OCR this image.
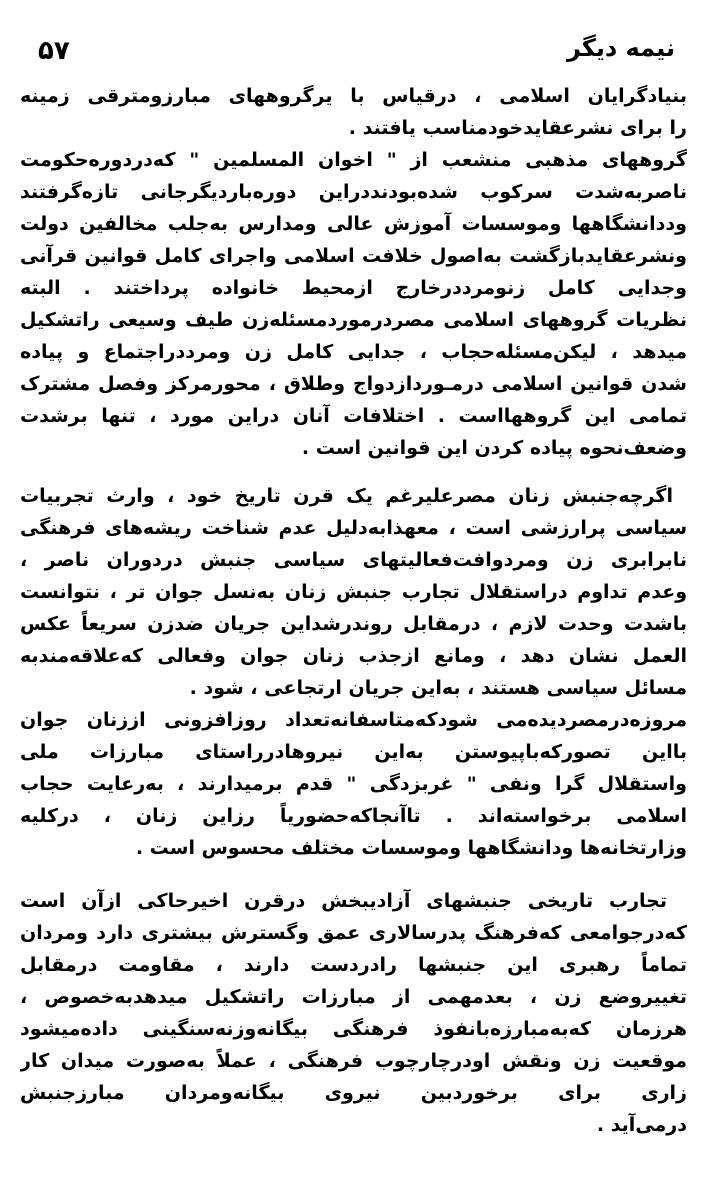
۵۷	نیمه دیگر
بنیادگرایان اسلامی ، درقیاس با یرگروههای مبارزومترقی زمینه
را برای نشرعقایدخودمناسب یافتند .
گروههای مذهبی منشعب از " اخوان المسلمین " کەدردورەحکومت
ناصربەشدت سرکوب شدەبودنددراین دورەباردیگرجانی تازەگرفتند
وددانشگاهها وموسسات آموزش عالی ومدارس بەجلب مخالفین دولت
ونشرعقایدبازگشت بەاصول خلافت اسلامی واجرای کامل قوانین قرآنی
وجدایی کامل زنومرددرخارج ازمحیط خانوادە پرداختند . البتە
نظریات گروههای اسلامی مصردرموردمسئلەزن طیف وسیعی راتشکیل
میدهد ، لیکن‌مسئلەحجاب ، جدایی کامل زن ومرددراجتماع و پیادە
شدن قوانین اسلامی درمـوردازدواج وطلاق ، محورمرکز وفصل مشترک
تمامی این گروههااست . اختلافات آنان دراین مورد ، تنها برشدت
وضعف‌نحوە پیادە کردن این قوانین است .
اگرچەجنبش زنان مصرعلیرغم یک قرن تاریخ خود ، وارث تجربیات
سیاسی پرارزشی است ، معهذابەدلیل عدم شناخت ریشەهای فرهنگی
نابرابری زن ومردوافت‌فعالیتهای سیاسی جنبش دردوران ناصر ،
وعدم تداوم دراستقلال تجارب جنبش زنان بەنسل جوان تر ، نتوانست
باشدت وحدت لازم ، درمقابل روندرشداین جریان ضدزن سریعاً عکس
العمل نشان دهد ، ومانع ازجذب زنان جوان وفعالی کەعلاقەمندبە
مسائل سیاسی هستند ، بەاین جریان ارتجاعی ، شود .
مروزەدرمصردیدەمی شودکەمتاسفانەتعداد روزافزونی اززنان جوان
بااین تصورکەباپیوستن بەاین نیروهادرراستای مبارزات ملی
واستقلال گرا ونفی " غربزدگی " قدم برمیدارند ، بەرعایت حجاب
اسلامی برخواستەاند . تاآنجاکەحضوریاً رزاین زنان ، درکلیە
وزارتخانەها ودانشگاهها وموسسات مختلف محسوس است .
تجارب تاریخی جنبشهای آزادیبخش درقرن اخیرحاکی ازآن است
کەدرجوامعی کەفرهنگ پدرسالاری عمق وگسترش بیشتری دارد ومردان
تماماً رهبری این جنبشها رادردست دارند ، مقاومت درمقابل
تغییروضع زن ، بعدمهمی از مبارزات راتشکیل میدهدبەخصوص ،
هرزمان کەبەمبارزەبانفوذ فرهنگی بیگانەوزنەسنگینی دادەمیشود
موقعیت زن ونقش اودرچارچوب فرهنگی ، عملاً بەصورت میدان کار
زاری برای برخوردبین نیروی بیگانەومردان مبارزجنبش
درمی‌آید .
